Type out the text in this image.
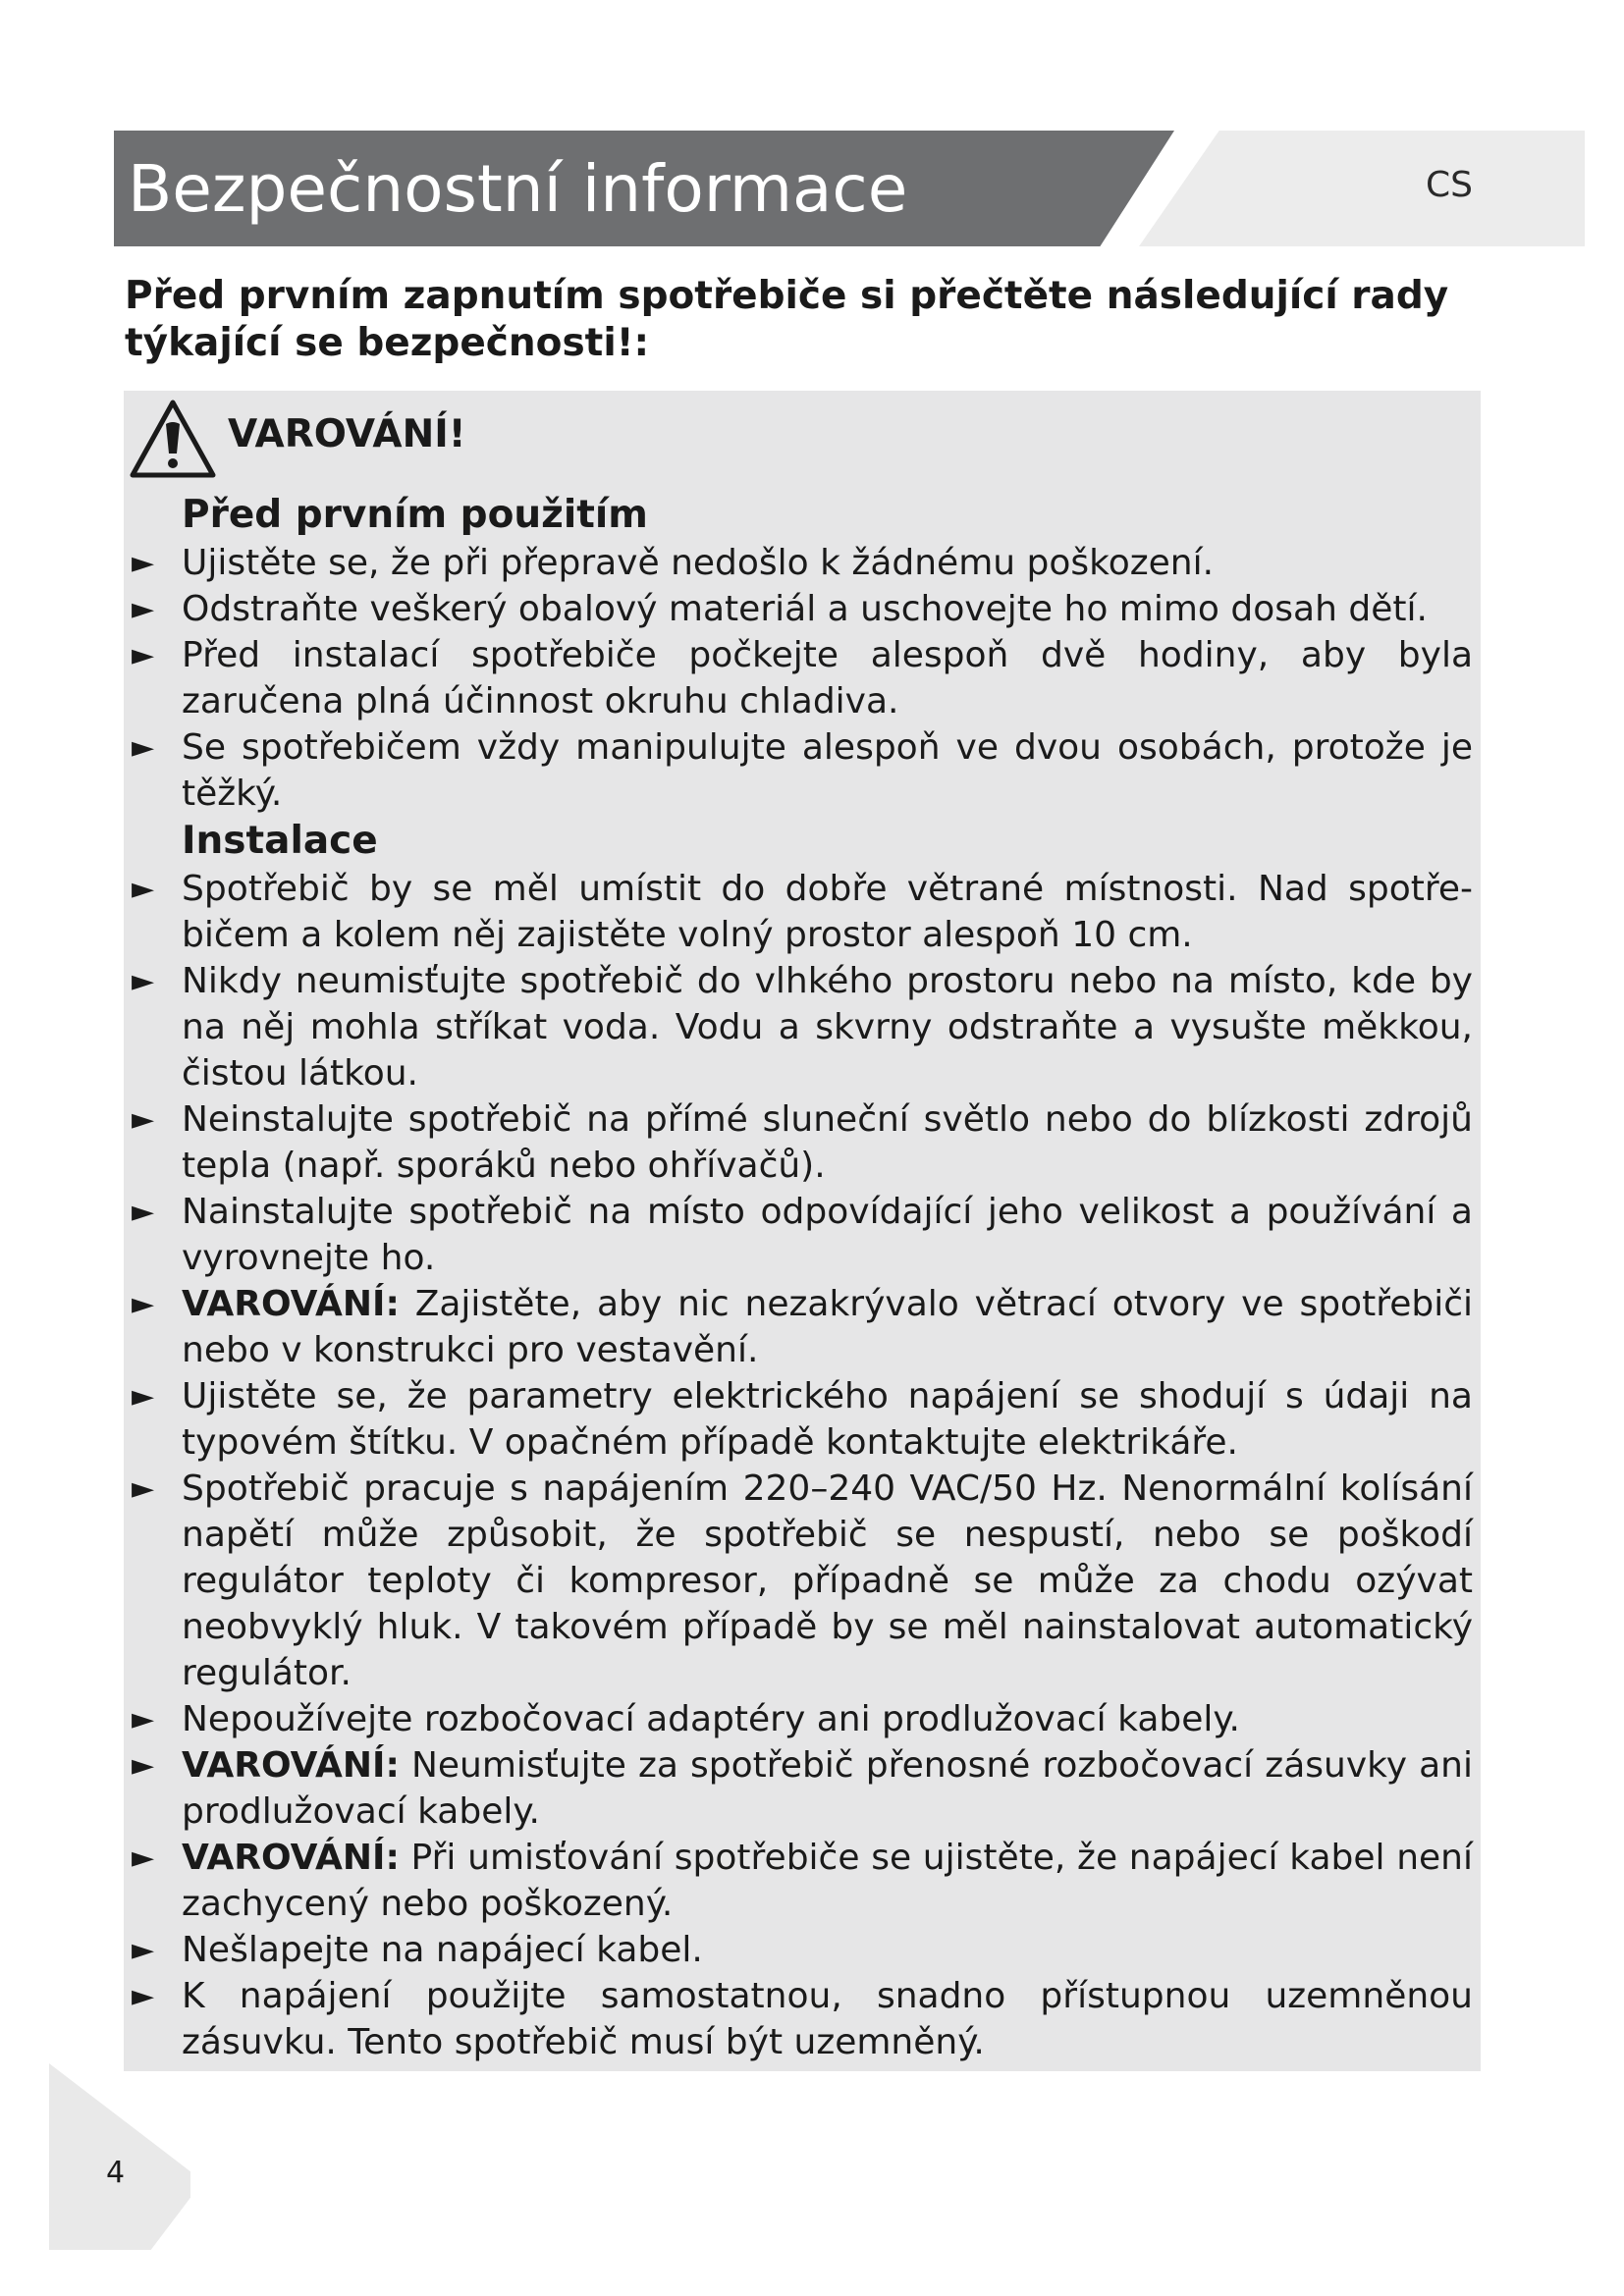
Bezpečnostní informace	CS

Před prvním zapnutím spotřebiče si přečtěte následující rady týkající se bezpečnosti!:

VAROVÁNÍ!
Před prvním použitím
► Ujistěte se, že při přepravě nedošlo k žádnému poškození.
► Odstraňte veškerý obalový materiál a uschovejte ho mimo dosah dětí.
► Před instalací spotřebiče počkejte alespoň dvě hodiny, aby byla zaručena plná účinnost okruhu chladiva.
► Se spotřebičem vždy manipulujte alespoň ve dvou osobách, protože je těžký.
Instalace
► Spotřebič by se měl umístit do dobře větrané místnosti. Nad spotře-bičem a kolem něj zajistěte volný prostor alespoň 10 cm.
► Nikdy neumisťujte spotřebič do vlhkého prostoru nebo na místo, kde by na něj mohla stříkat voda. Vodu a skvrny odstraňte a vysušte měkkou, čistou látkou.
► Neinstalujte spotřebič na přímé sluneční světlo nebo do blízkosti zdrojů tepla (např. sporáků nebo ohřívačů).
► Nainstalujte spotřebič na místo odpovídající jeho velikost a používání a vyrovnejte ho.
► VAROVÁNÍ: Zajistěte, aby nic nezakrývalo větrací otvory ve spotřebiči nebo v konstrukci pro vestavění.
► Ujistěte se, že parametry elektrického napájení se shodují s údaji na typovém štítku. V opačném případě kontaktujte elektrikáře.
► Spotřebič pracuje s napájením 220–240 VAC/50 Hz. Nenormální kolísání napětí může způsobit, že spotřebič se nespustí, nebo se poškodí regulátor teploty či kompresor, případně se může za chodu ozývat neobvyklý hluk. V takovém případě by se měl nainstalovat automatický regulátor.
► Nepoužívejte rozbočovací adaptéry ani prodlužovací kabely.
► VAROVÁNÍ: Neumisťujte za spotřebič přenosné rozbočovací zásuvky ani prodlužovací kabely.
► VAROVÁNÍ: Při umisťování spotřebiče se ujistěte, že napájecí kabel není zachycený nebo poškozený.
► Nešlapejte na napájecí kabel.
► K napájení použijte samostatnou, snadno přístupnou uzemněnou zásuvku. Tento spotřebič musí být uzemněný.
4
